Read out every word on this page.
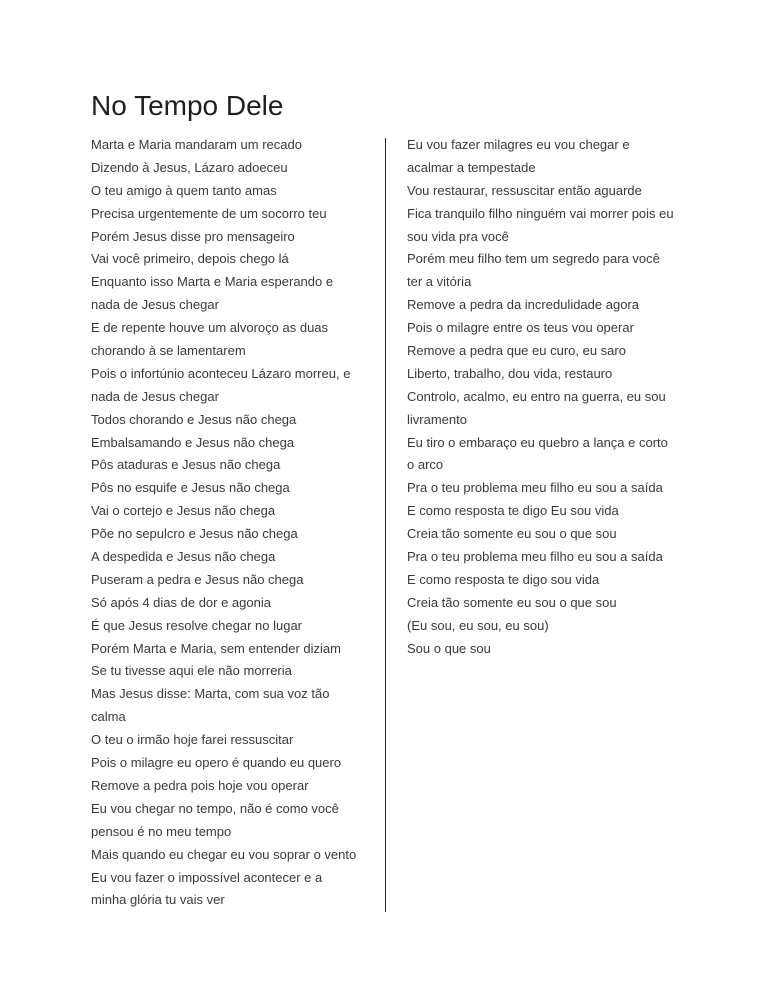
No Tempo Dele
Marta e Maria mandaram um recado
Dizendo à Jesus, Lázaro adoeceu
O teu amigo à quem tanto amas
Precisa urgentemente de um socorro teu
Porém Jesus disse pro mensageiro
Vai você primeiro, depois chego lá
Enquanto isso Marta e Maria esperando e
nada de Jesus chegar
E de repente houve um alvoroço as duas
chorando à se lamentarem
Pois o infortúnio aconteceu Lázaro morreu, e
nada de Jesus chegar
Todos chorando e Jesus não chega
Embalsamando e Jesus não chega
Pôs ataduras e Jesus não chega
Pôs no esquife e Jesus não chega
Vai o cortejo e Jesus não chega
Põe no sepulcro e Jesus não chega
A despedida e Jesus não chega
Puseram a pedra e Jesus não chega
Só após 4 dias de dor e agonia
É que Jesus resolve chegar no lugar
Porém Marta e Maria, sem entender diziam
Se tu tivesse aqui ele não morreria
Mas Jesus disse: Marta, com sua voz tão
calma
O teu o irmão hoje farei ressuscitar
Pois o milagre eu opero é quando eu quero
Remove a pedra pois hoje vou operar
Eu vou chegar no tempo, não é como você
pensou é no meu tempo
Mais quando eu chegar eu vou soprar o vento
Eu vou fazer o impossível acontecer e a
minha glória tu vais ver
Eu vou fazer milagres eu vou chegar e
acalmar a tempestade
Vou restaurar, ressuscitar então aguarde
Fica tranquilo filho ninguém vai morrer pois eu
sou vida pra você
Porém meu filho tem um segredo para você
ter a vitória
Remove a pedra da incredulidade agora
Pois o milagre entre os teus vou operar
Remove a pedra que eu curo, eu saro
Liberto, trabalho, dou vida, restauro
Controlo, acalmo, eu entro na guerra, eu sou
livramento
Eu tiro o embaraço eu quebro a lança e corto
o arco
Pra o teu problema meu filho eu sou a saída
E como resposta te digo Eu sou vida
Creia tão somente eu sou o que sou
Pra o teu problema meu filho eu sou a saída
E como resposta te digo sou vida
Creia tão somente eu sou o que sou
(Eu sou, eu sou, eu sou)
Sou o que sou
